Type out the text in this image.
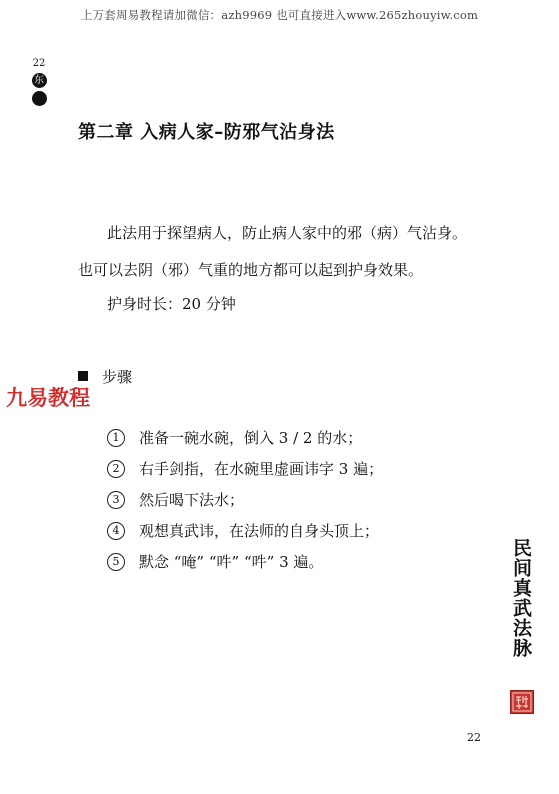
上万套周易教程请加微信：azh9969 也可直接进入www.265zhouyiw.com
22
东
第二章 入病人家–防邪气沾身法
此法用于探望病人，防止病人家中的邪（病）气沾身。
也可以去阴（邪）气重的地方都可以起到护身效果。
护身时长：20 分钟
步骤
九易教程
1	准备一碗水碗，倒入 3 / 2 的水；
2	右手剑指，在水碗里虚画讳字 3 遍；
3	然后喝下法水；
4	观想真武讳，在法师的自身头顶上；
5	默念 “唵” “吽” “吽” 3 遍。	民间真武法脉
22
